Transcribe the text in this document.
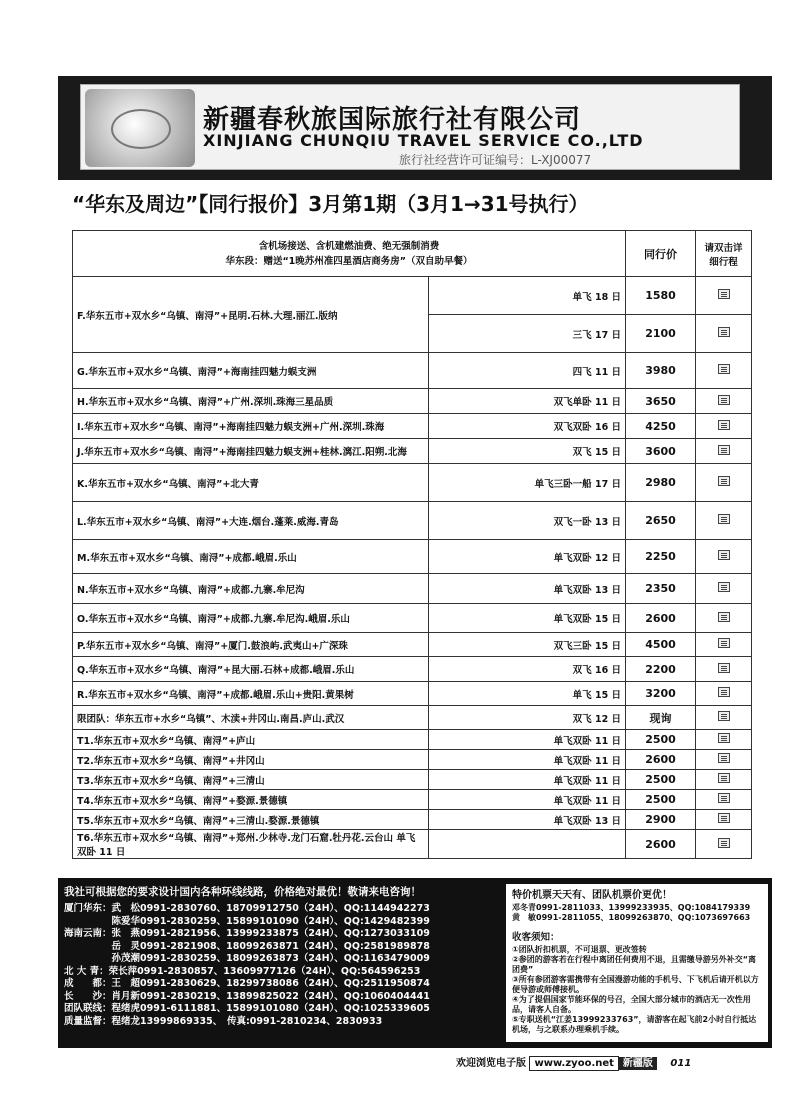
新疆春秋旅国际旅行社有限公司
XINJIANG CHUNQIU TRAVEL SERVICE CO.,LTD
旅行社经营许可证编号：L-XJ00077
“华东及周边”【同行报价】3月第1期（3月1→31号执行）
含机场接送、含机建燃油费、绝无强制消费
华东段：赠送“1晚苏州准四星酒店商务房”（双自助早餐）		同行价	请双击详细行程
F.华东五市+双水乡“乌镇、南浔”+昆明.石林.大理.丽江.版纳	单飞 18 日	1580	
	三飞 17 日	2100	
G.华东五市+双水乡“乌镇、南浔”+海南挂四魅力蜈支洲	四飞 11 日	3980	
H.华东五市+双水乡“乌镇、南浔”+广州.深圳.珠海三星品质	双飞单卧 11 日	3650	
I.华东五市+双水乡“乌镇、南浔”+海南挂四魅力蜈支洲+广州.深圳.珠海	双飞双卧 16 日	4250	
J.华东五市+双水乡“乌镇、南浔”+海南挂四魅力蜈支洲+桂林.漓江.阳朔.北海	双飞 15 日	3600	
K.华东五市+双水乡“乌镇、南浔”+北大青	单飞三卧一船 17 日	2980	
L.华东五市+双水乡“乌镇、南浔”+大连.烟台.蓬莱.威海.青岛	双飞一卧 13 日	2650	
M.华东五市+双水乡“乌镇、南浔”+成都.峨眉.乐山	单飞双卧 12 日	2250	
N.华东五市+双水乡“乌镇、南浔”+成都.九寨.牟尼沟	单飞双卧 13 日	2350	
O.华东五市+双水乡“乌镇、南浔”+成都.九寨.牟尼沟.峨眉.乐山	单飞双卧 15 日	2600	
P.华东五市+双水乡“乌镇、南浔”+厦门.鼓浪屿.武夷山+广深珠	双飞三卧 15 日	4500	
Q.华东五市+双水乡“乌镇、南浔”+昆大丽.石林+成都.峨眉.乐山	双飞 16 日	2200	
R.华东五市+双水乡“乌镇、南浔”+成都.峨眉.乐山+贵阳.黄果树	单飞 15 日	3200	
限团队：华东五市+水乡“乌镇”、木渎+井冈山.南昌.庐山.武汉	双飞 12 日	现询	
T1.华东五市+双水乡“乌镇、南浔”+庐山	单飞双卧 11 日	2500	
T2.华东五市+双水乡“乌镇、南浔”+井冈山	单飞双卧 11 日	2600	
T3.华东五市+双水乡“乌镇、南浔”+三清山	单飞双卧 11 日	2500	
T4.华东五市+双水乡“乌镇、南浔”+婺源.景德镇	单飞双卧 11 日	2500	
T5.华东五市+双水乡“乌镇、南浔”+三清山.婺源.景德镇	单飞双卧 13 日	2900	
T6.华东五市+双水乡“乌镇、南浔”+郑州.少林寺.龙门石窟.牡丹花.云台山 单飞双卧 11 日		2600	
我社可根据您的要求设计国内各种环线线路，价格绝对最优！敬请来电咨询！
厦门华东：武　松0991-2830760、18709912750（24H）、QQ:1144942273
　　　　　陈爱华0991-2830259、15899101090（24H）、QQ:1429482399
海南云南：张　燕0991-2821956、13999233875（24H）、QQ:1273033109
　　　　　岳　灵0991-2821908、18099263871（24H）、QQ:2581989878
　　　　　孙茂潮0991-2830259、18099263873（24H）、QQ:1163479009
北 大 青：荣长萍0991-2830857、13609977126（24H）、QQ:564596253
成　　都：王　超0991-2830629、18299738086（24H）、QQ:2511950874
长　　沙：肖月新0991-2830219、13899825022（24H）、QQ:1060404441
团队联线：程绪虎0991-6111881、15899101080（24H）、QQ:1025339605
质量监督：程绪龙13999869335、　传真:0991-2810234、2830933
特价机票天天有、团队机票价更优！
邓冬青0991-2811033、13999233935、QQ:1084179339
黄　敏0991-2811055、18099263870、QQ:1073697663
收客须知：
①团队折扣机票，不可退票、更改签转
②参团的游客若在行程中离团任何费用不退，且需缴导游另外补交“离团费”
③所有参团游客需携带有全国漫游功能的手机号、下飞机后请开机以方便导游或师傅接机。
④为了提倡国家节能环保的号召，全国大部分城市的酒店无一次性用品，请客人自备。
⑤专职送机“江姜13999233763”，请游客在起飞前2小时自行抵达机场，与之联系办理乘机手续。
欢迎浏览电子版 www.zyoo.net 新疆版 011
